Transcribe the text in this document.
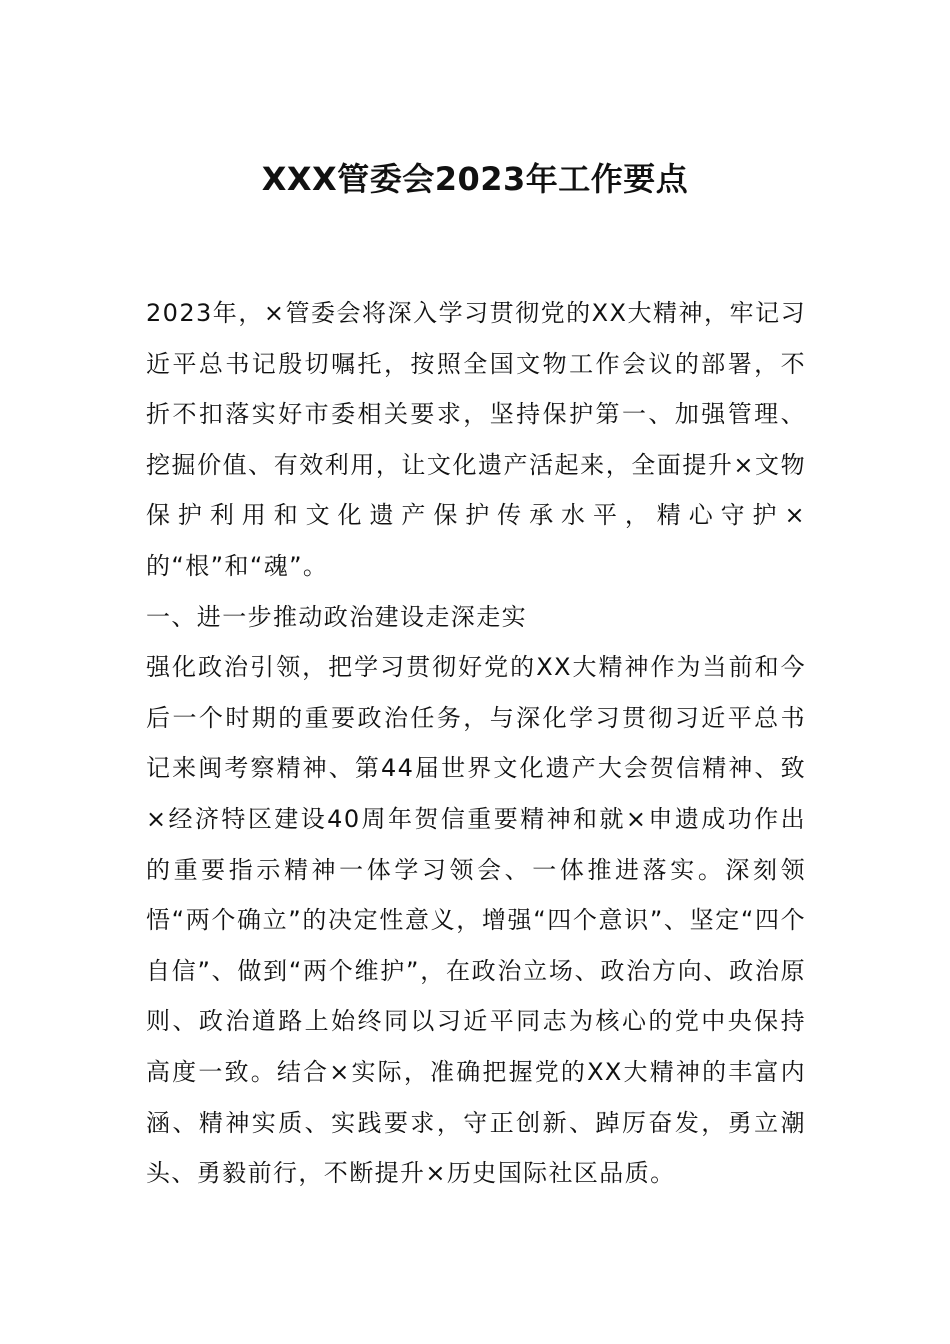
XXX管委会2023年工作要点

2023年，×管委会将深入学习贯彻党的XX大精神，牢记习近平总书记殷切嘱托，按照全国文物工作会议的部署，不折不扣落实好市委相关要求，坚持保护第一、加强管理、挖掘价值、有效利用，让文化遗产活起来，全面提升×文物保护利用和文化遗产保护传承水平，精心守护×的“根”和“魂”。

一、进一步推动政治建设走深走实

强化政治引领，把学习贯彻好党的XX大精神作为当前和今后一个时期的重要政治任务，与深化学习贯彻习近平总书记来闽考察精神、第44届世界文化遗产大会贺信精神、致×经济特区建设40周年贺信重要精神和就×申遗成功作出的重要指示精神一体学习领会、一体推进落实。深刻领悟“两个确立”的决定性意义，增强“四个意识”、坚定“四个自信”、做到“两个维护”，在政治立场、政治方向、政治原则、政治道路上始终同以习近平同志为核心的党中央保持高度一致。结合×实际，准确把握党的XX大精神的丰富内涵、精神实质、实践要求，守正创新、踔厉奋发，勇立潮头、勇毅前行，不断提升×历史国际社区品质。
